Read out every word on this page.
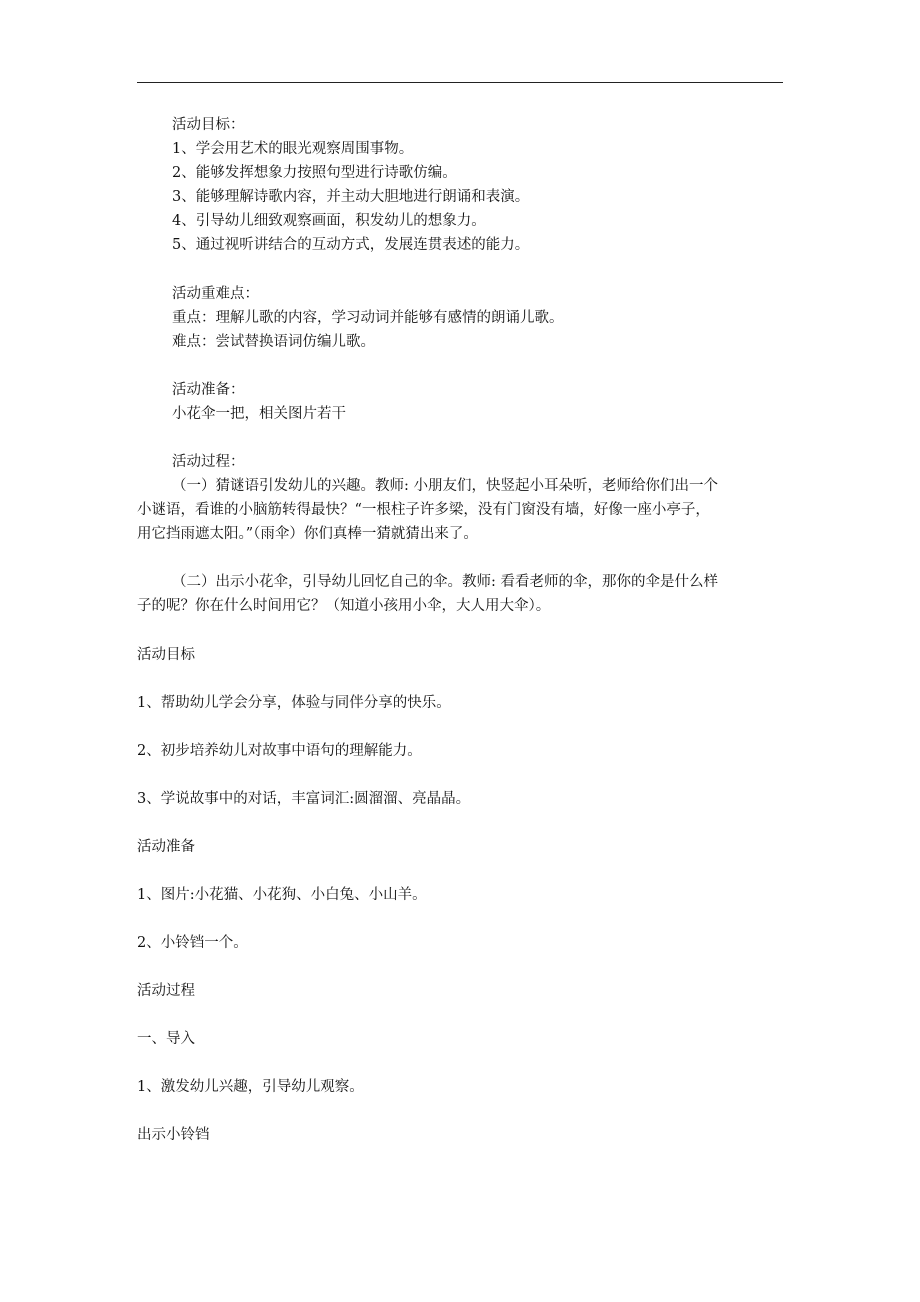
活动目标：
1、学会用艺术的眼光观察周围事物。
2、能够发挥想象力按照句型进行诗歌仿编。
3、能够理解诗歌内容，并主动大胆地进行朗诵和表演。
4、引导幼儿细致观察画面，积发幼儿的想象力。
5、通过视听讲结合的互动方式，发展连贯表述的能力。
活动重难点：
重点：理解儿歌的内容，学习动词并能够有感情的朗诵儿歌。
难点：尝试替换语词仿编儿歌。
活动准备：
小花伞一把，相关图片若干
活动过程：
（一）猜谜语引发幼儿的兴趣。教师: 小朋友们，快竖起小耳朵听，老师给你们出一个
小谜语，看谁的小脑筋转得最快？“一根柱子许多梁，没有门窗没有墙，好像一座小亭子，
用它挡雨遮太阳。”（雨伞）你们真棒一猜就猜出来了。
（二）出示小花伞，引导幼儿回忆自己的伞。教师: 看看老师的伞，那你的伞是什么样
子的呢？你在什么时间用它？（知道小孩用小伞，大人用大伞）。
活动目标
1、帮助幼儿学会分享，体验与同伴分享的快乐。
2、初步培养幼儿对故事中语句的理解能力。
3、学说故事中的对话，丰富词汇:圆溜溜、亮晶晶。
活动准备
1、图片:小花猫、小花狗、小白兔、小山羊。
2、小铃铛一个。
活动过程
一、导入
1、激发幼儿兴趣，引导幼儿观察。
出示小铃铛
